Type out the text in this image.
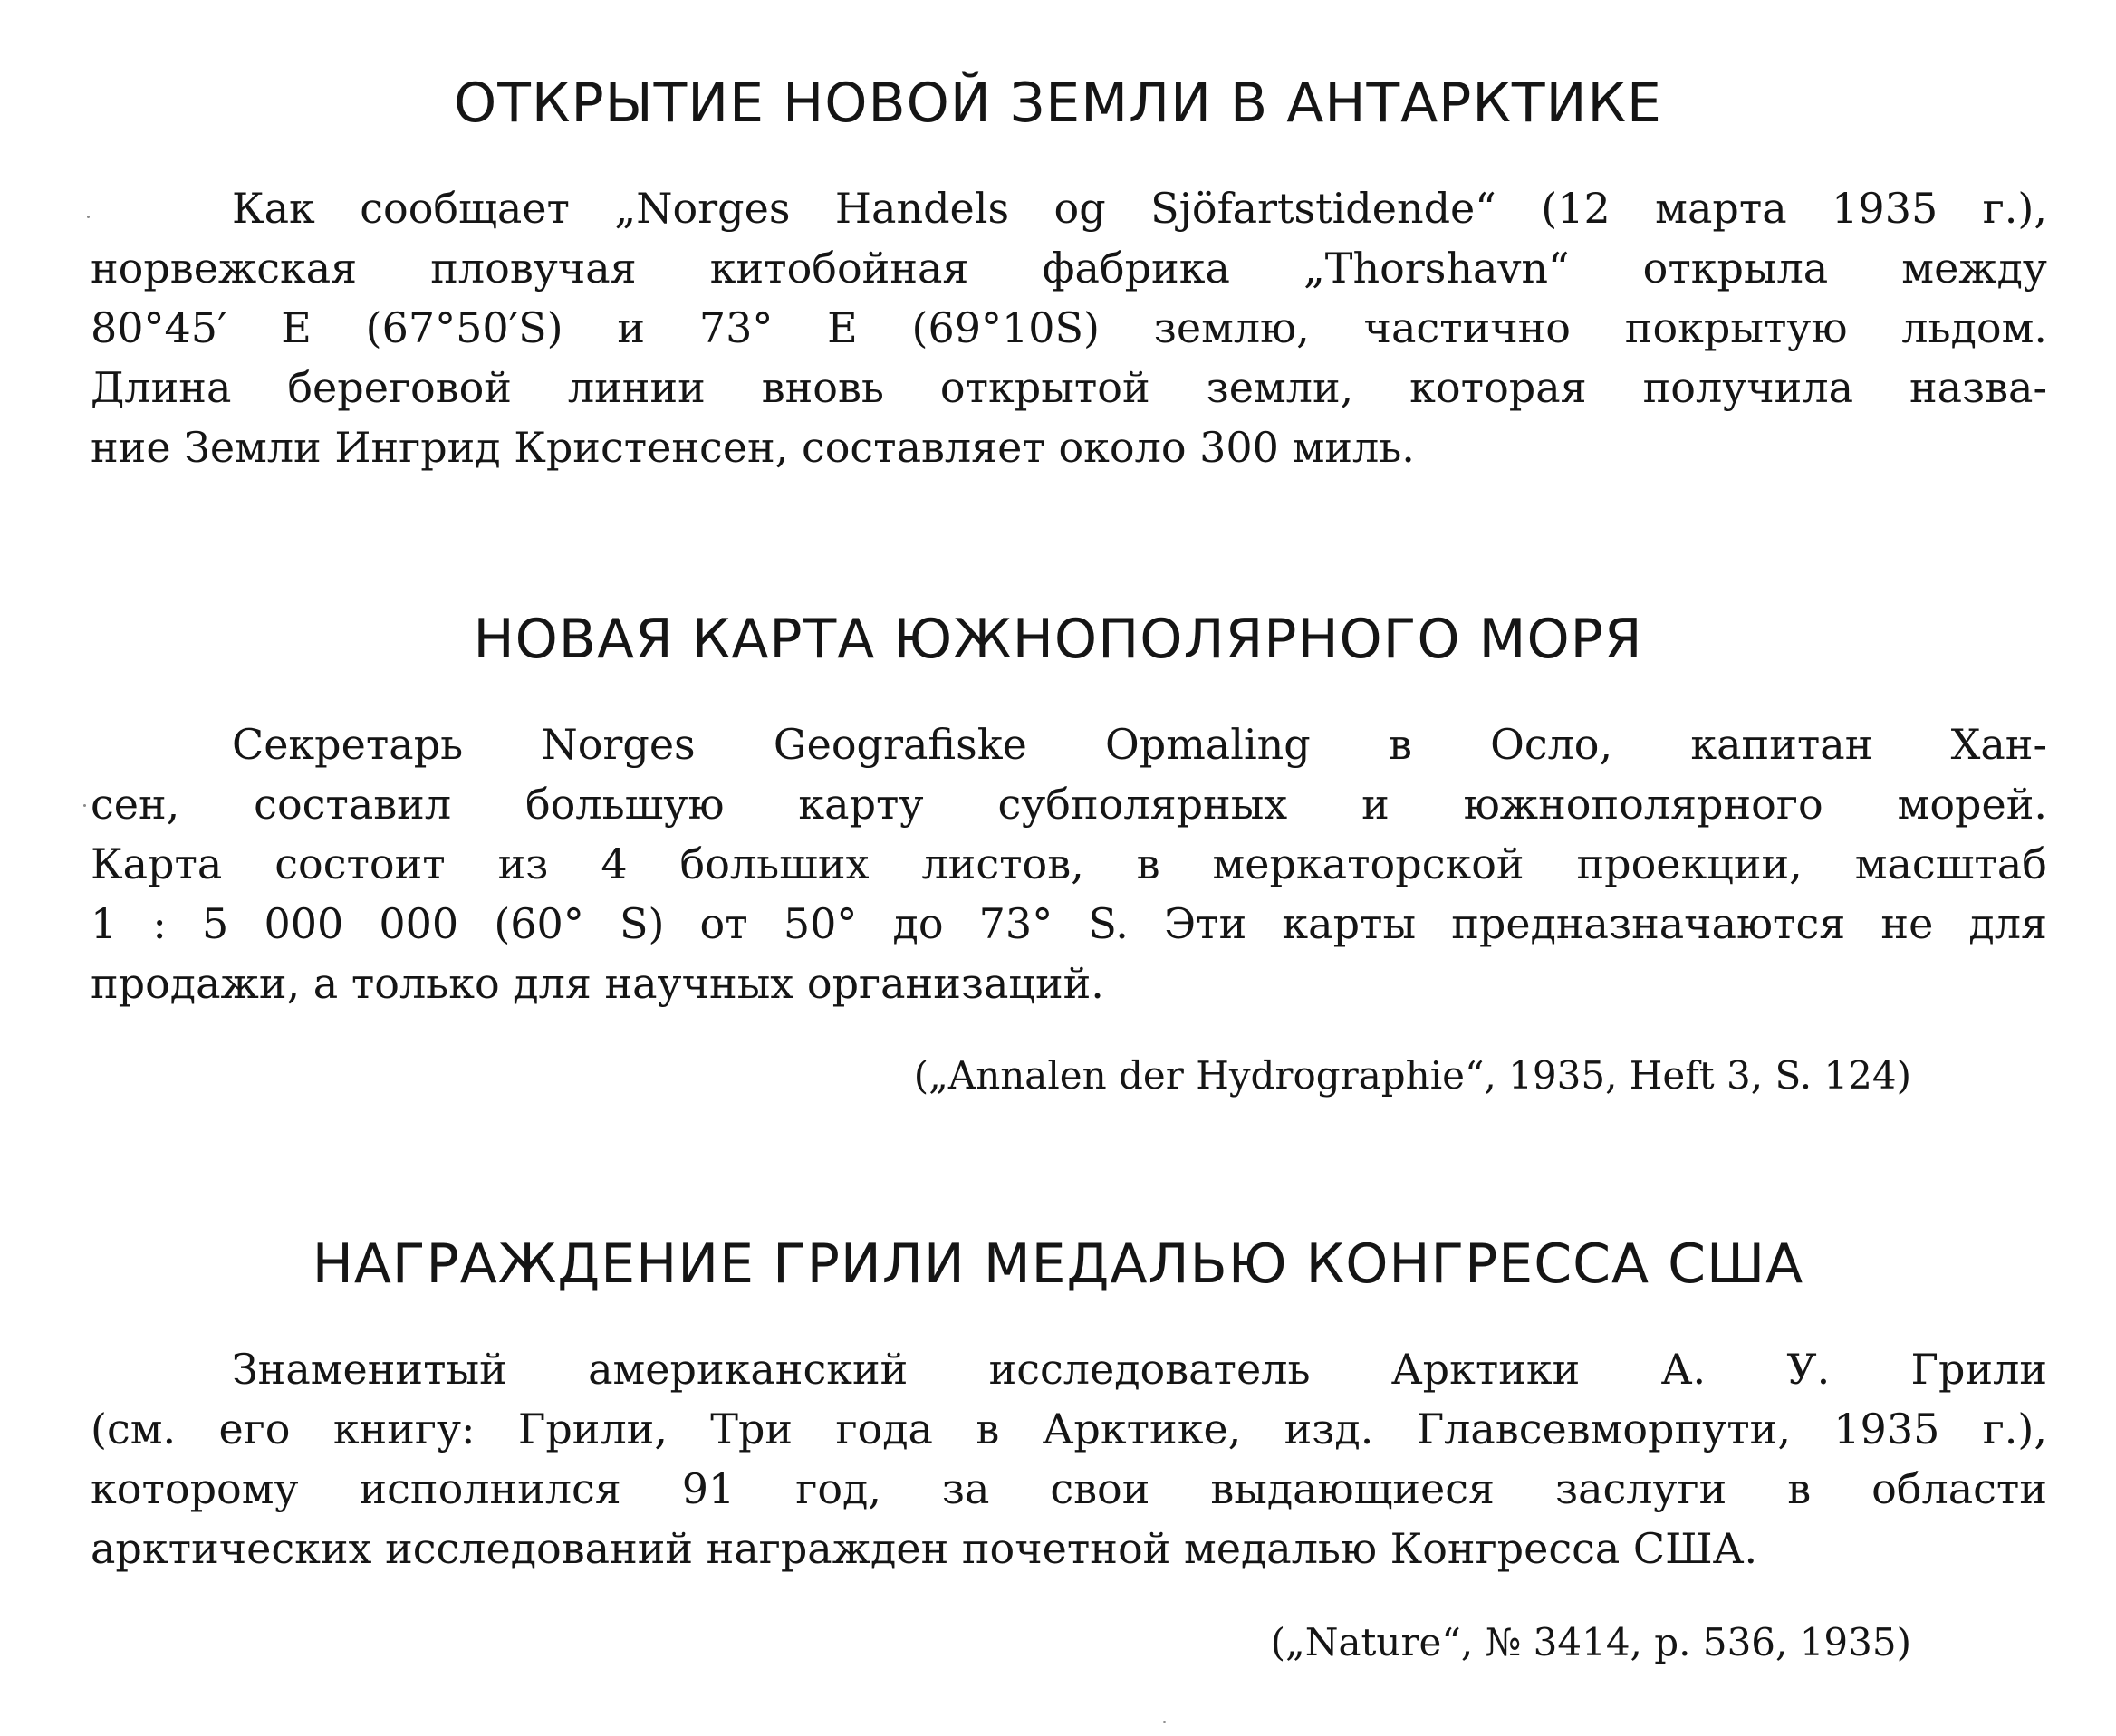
ОТКРЫТИЕ НОВОЙ ЗЕМЛИ В АНТАРКТИКЕ
Как сообщает „Norges Handels og Sjöfartstidende“ (12 марта 1935 г.),
норвежская пловучая китобойная фабрика „Thorshavn“ открыла между
80°45′ E (67°50′S) и 73° E (69°10S) землю, частично покрытую льдом.
Длина береговой линии вновь открытой земли, которая получила назва-
ние Земли Ингрид Кристенсен, составляет около 300 миль.
НОВАЯ КАРТА ЮЖНОПОЛЯРНОГО МОРЯ
Секретарь Norges Geografiske Opmaling в Осло, капитан Хан-
сен, составил большую карту субполярных и южнополярного морей.
Карта состоит из 4 больших листов, в меркаторской проекции, масштаб
1 : 5 000 000 (60° S) от 50° до 73° S. Эти карты предназначаются не для
продажи, а только для научных организаций.
(„Annalen der Hydrographie“, 1935, Heft 3, S. 124)
НАГРАЖДЕНИЕ ГРИЛИ МЕДАЛЬЮ КОНГРЕССА США
Знаменитый американский исследователь Арктики А. У. Грили
(см. его книгу: Грили, Три года в Арктике, изд. Главсевморпути, 1935 г.),
которому исполнился 91 год, за свои выдающиеся заслуги в области
арктических исследований награжден почетной медалью Конгресса США.
(„Nature“, № 3414, p. 536, 1935)
